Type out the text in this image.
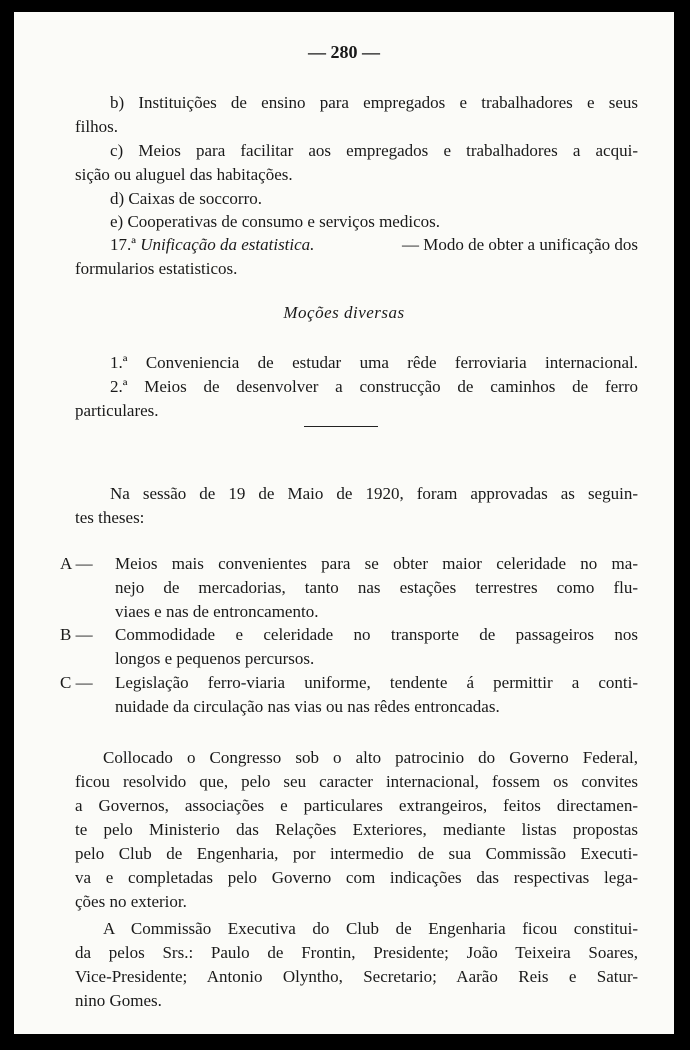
— 280 —
b) Instituições de ensino para empregados e trabalhadores e seus
filhos.
c) Meios para facilitar aos empregados e trabalhadores a acqui-
sição ou aluguel das habitações.
d) Caixas de soccorro.
e) Cooperativas de consumo e serviços medicos.
17.ª Unificação da estatistica.	— Modo de obter a unificação dos
formularios estatisticos.
Moções diversas
1.ª Conveniencia de estudar uma rêde ferroviaria internacional.
2.ª Meios de desenvolver a construcção de caminhos de ferro
particulares.
Na sessão de 19 de Maio de 1920, foram approvadas as seguin-
tes theses:
A — Meios mais convenientes para se obter maior celeridade no ma-
nejo de mercadorias, tanto nas estações terrestres como flu-
viaes e nas de entroncamento.
B — Commodidade e celeridade no transporte de passageiros nos
longos e pequenos percursos.
C — Legislação ferro-viaria uniforme, tendente á permittir a conti-
nuidade da circulação nas vias ou nas rêdes entroncadas.
Collocado o Congresso sob o alto patrocinio do Governo Federal,
ficou resolvido que, pelo seu caracter internacional, fossem os convites
a Governos, associações e particulares extrangeiros, feitos directamen-
te pelo Ministerio das Relações Exteriores, mediante listas propostas
pelo Club de Engenharia, por intermedio de sua Commissão Executi-
va e completadas pelo Governo com indicações das respectivas lega-
ções no exterior.
A Commissão Executiva do Club de Engenharia ficou constitui-
da pelos Srs.: Paulo de Frontin, Presidente; João Teixeira Soares,
Vice-Presidente; Antonio Olyntho, Secretario; Aarão Reis e Satur-
nino Gomes.
